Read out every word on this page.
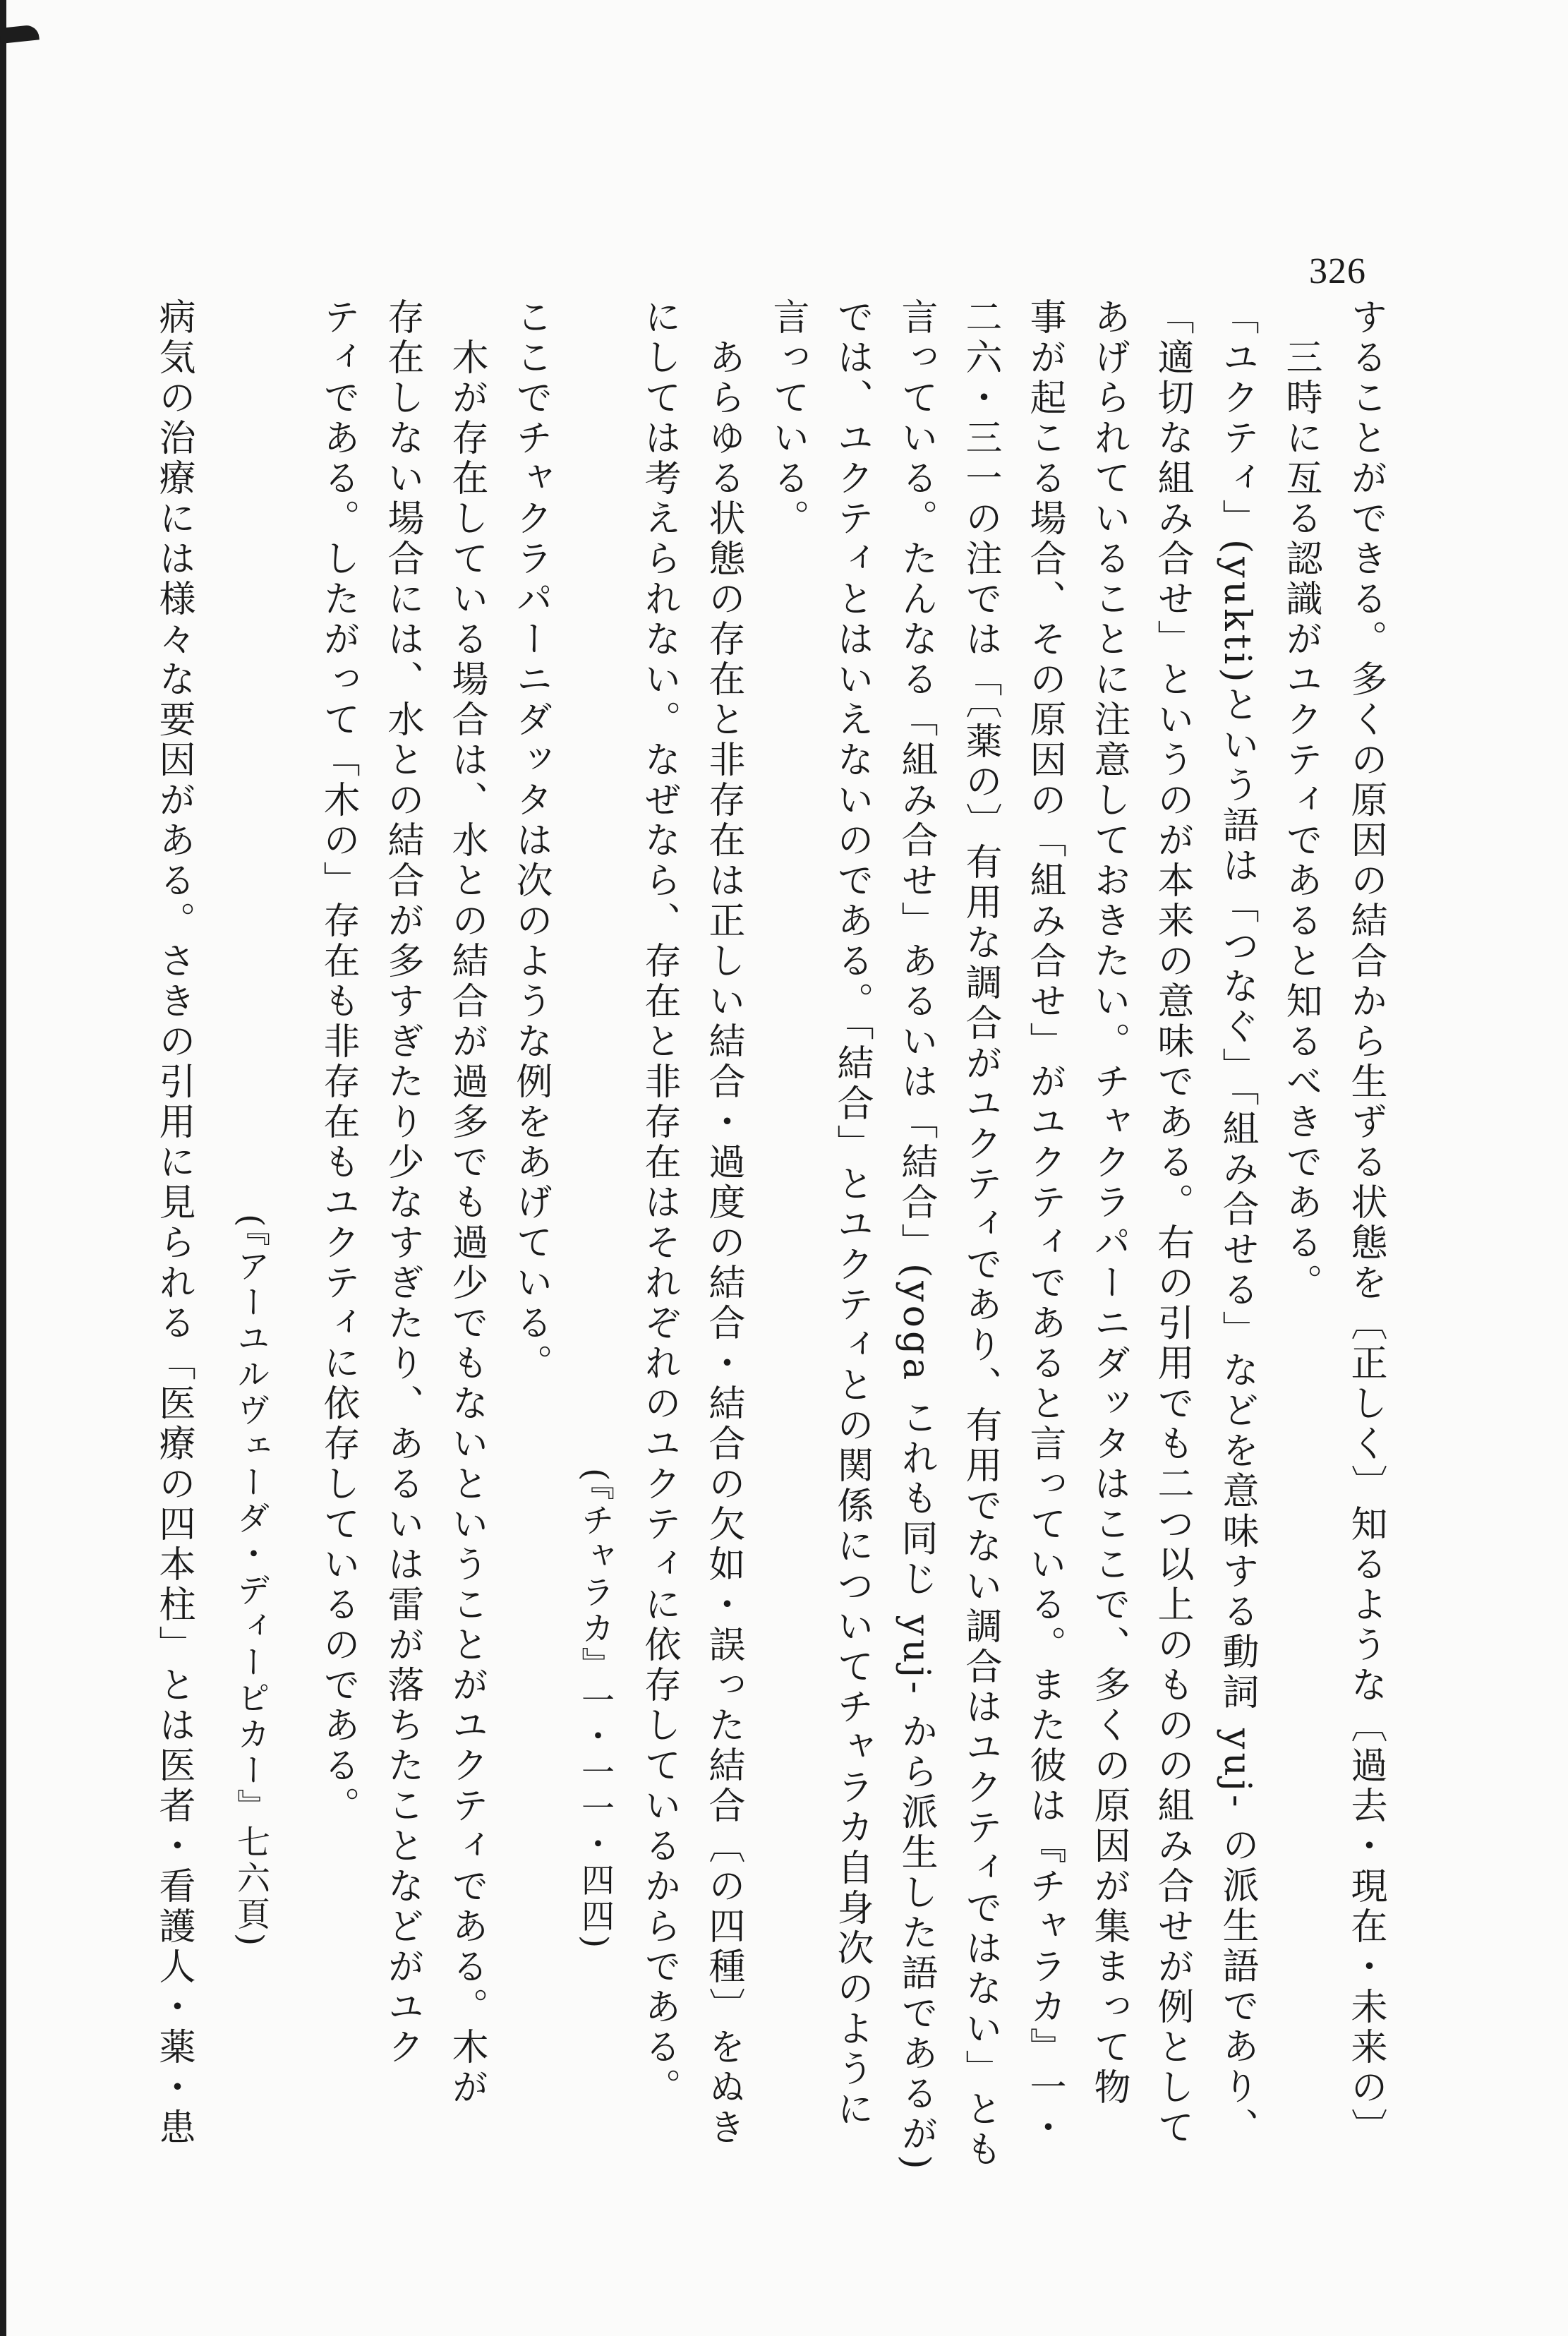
326
することができる。多くの原因の結合から生ずる状態を〔正しく〕知るような〔過去・現在・未来の〕
　三時に亙る認識がユクティであると知るべきである。
「ユクティ」(yukti)という語は「つなぐ」「組み合せる」などを意味する動詞 yuj- の派生語であり、
「適切な組み合せ」というのが本来の意味である。右の引用でも二つ以上のものの組み合せが例として
あげられていることに注意しておきたい。チャクラパーニダッタはここで、多くの原因が集まって物
事が起こる場合、その原因の「組み合せ」がユクティであると言っている。また彼は『チャラカ』一・
二六・三一の注では「〔薬の〕有用な調合がユクティであり、有用でない調合はユクティではない」とも
言っている。たんなる「組み合せ」あるいは「結合」(yoga これも同じ yuj- から派生した語であるが)
では、ユクティとはいえないのである。「結合」とユクティとの関係についてチャラカ自身次のように
言っている。
　あらゆる状態の存在と非存在は正しい結合・過度の結合・結合の欠如・誤った結合〔の四種〕をぬき
にしては考えられない。なぜなら、存在と非存在はそれぞれのユクティに依存しているからである。
ここでチャクラパーニダッタは次のような例をあげている。
　木が存在している場合は、水との結合が過多でも過少でもないということがユクティである。木が
存在しない場合には、水との結合が多すぎたり少なすぎたり、あるいは雷が落ちたことなどがユク
ティである。したがって「木の」存在も非存在もユクティに依存しているのである。
病気の治療には様々な要因がある。さきの引用に見られる「医療の四本柱」とは医者・看護人・薬・患	(『チャラカ』一・一一・四四)
(『アーユルヴェーダ・ディーピカー』七六頁)
